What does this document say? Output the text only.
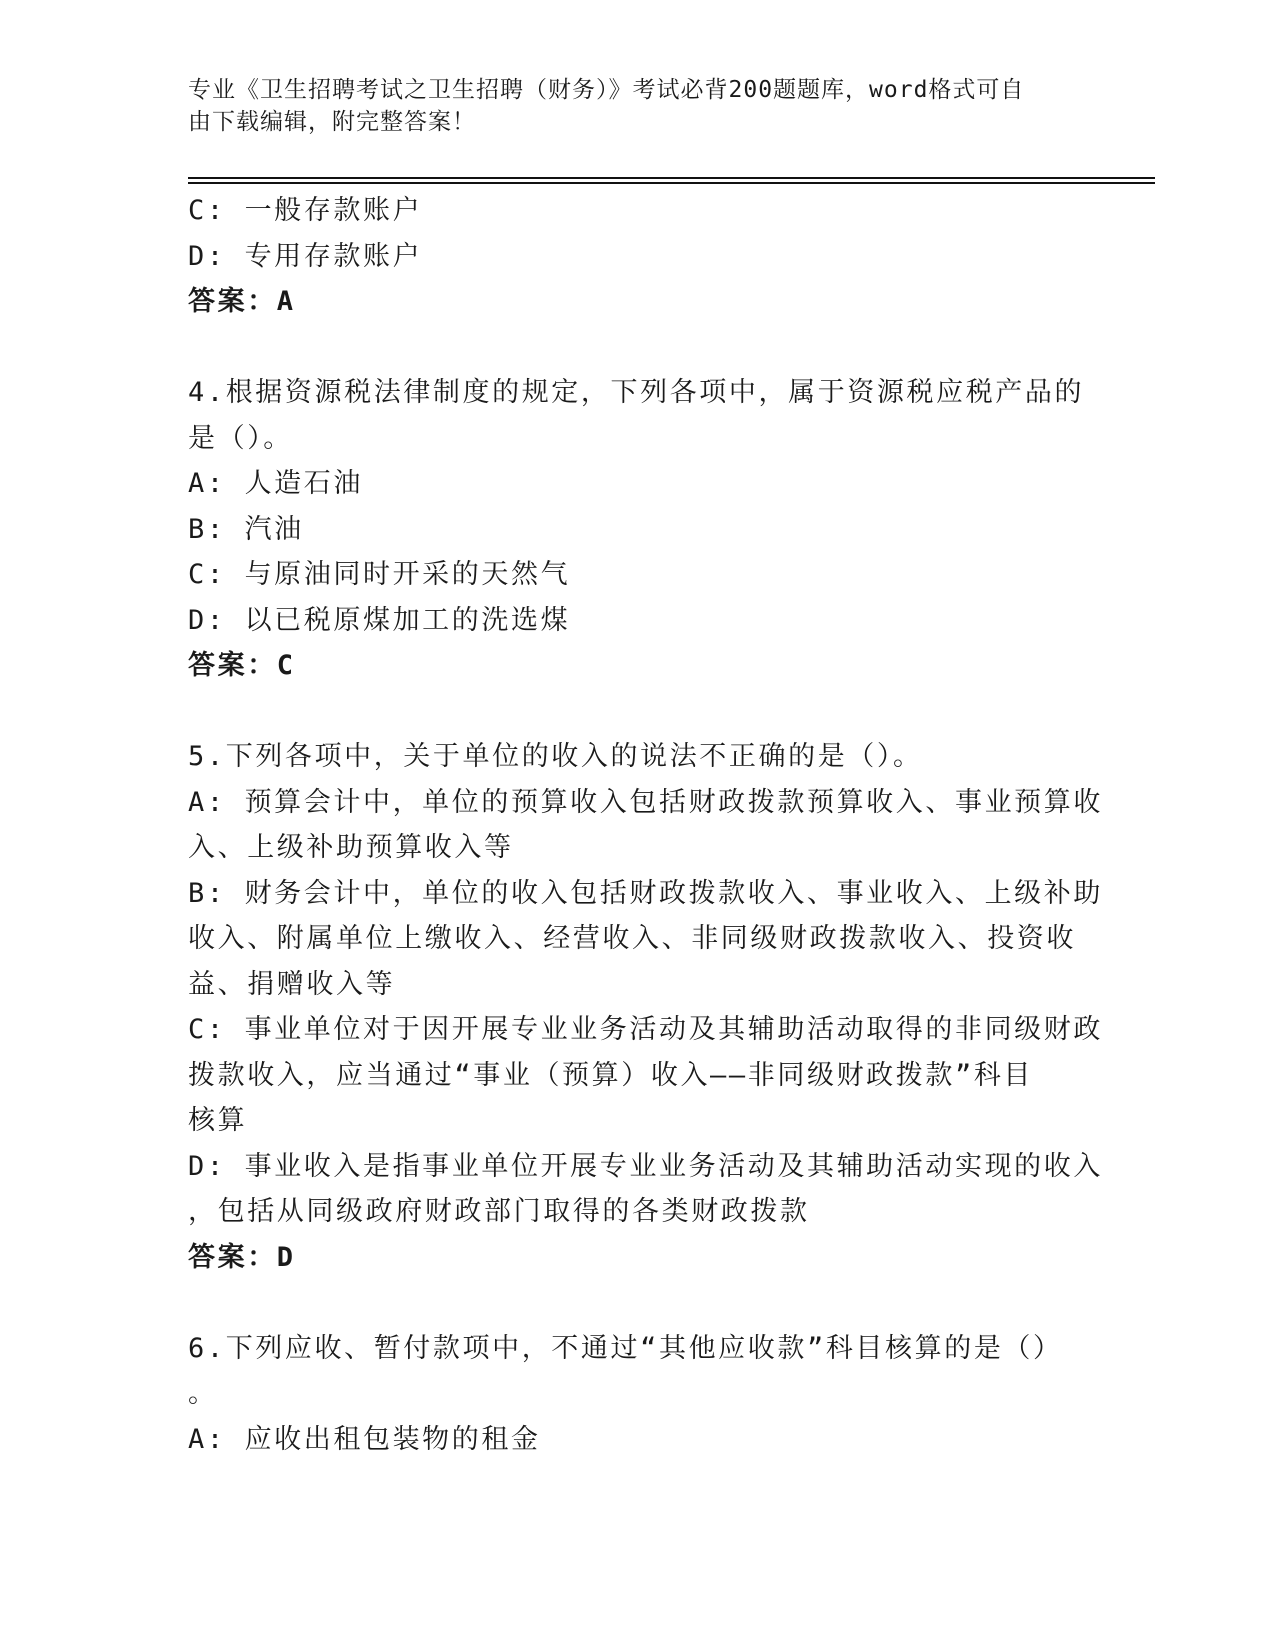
专业《卫生招聘考试之卫生招聘（财务）》考试必背200题题库，word格式可自
由下载编辑，附完整答案！
C: 一般存款账户
D: 专用存款账户
答案：A
4.根据资源税法律制度的规定，下列各项中，属于资源税应税产品的
是（）。
A: 人造石油
B: 汽油
C: 与原油同时开采的天然气
D: 以已税原煤加工的洗选煤
答案：C
5.下列各项中，关于单位的收入的说法不正确的是（）。
A: 预算会计中，单位的预算收入包括财政拨款预算收入、事业预算收
入、上级补助预算收入等
B: 财务会计中，单位的收入包括财政拨款收入、事业收入、上级补助
收入、附属单位上缴收入、经营收入、非同级财政拨款收入、投资收
益、捐赠收入等
C: 事业单位对于因开展专业业务活动及其辅助活动取得的非同级财政
拨款收入，应当通过“事业（预算）收入——非同级财政拨款”科目
核算
D: 事业收入是指事业单位开展专业业务活动及其辅助活动实现的收入
，包括从同级政府财政部门取得的各类财政拨款
答案：D
6.下列应收、暂付款项中，不通过“其他应收款”科目核算的是（）
。
A: 应收出租包装物的租金
